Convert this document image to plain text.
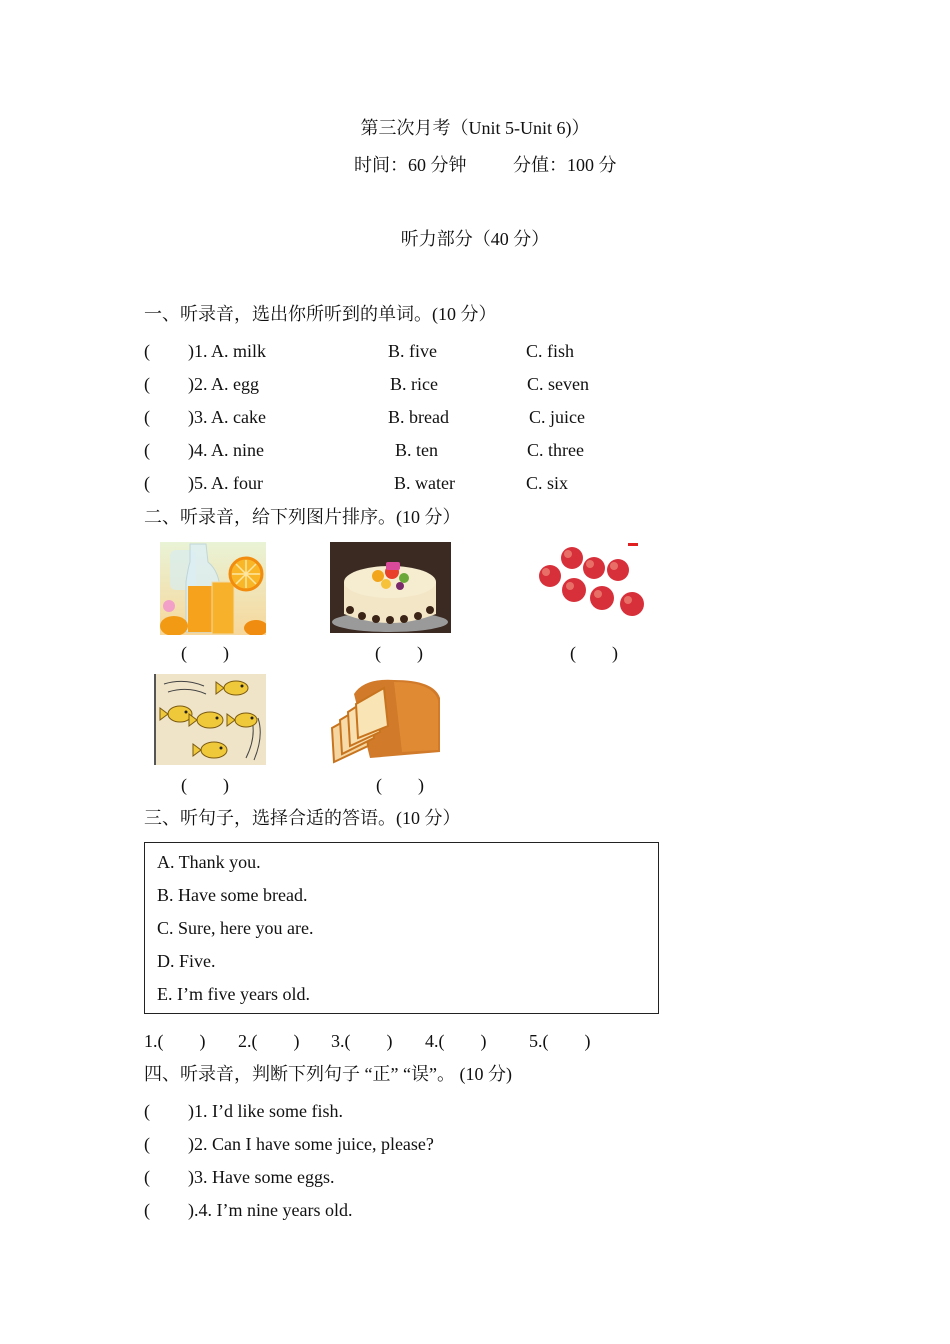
第三次月考（Unit 5-Unit 6)）
时间：60 分钟	分值：100 分
听力部分（40 分）
一、听录音，选出你所听到的单词。(10 分）
( )1. A. milk	B. five	C. fish
( )2. A. egg	B. rice	C. seven
( )3. A. cake	B. bread	C. juice
( )4. A. nine	B. ten	C. three
( )5. A. four	B. water	C. six
二、听录音，给下列图片排序。(10 分）
(　　)	(　　)	(　　)
(　　)	(　　)
三、听句子，选择合适的答语。(10 分）
A. Thank you.
B. Have some bread.
C. Sure, here you are.
D. Five.
E. I’m five years old.
1.(　　) 2.(　　) 3.(　　) 4.(　　) 5.(　　)
四、听录音，判断下列句子 “正” “误”。 (10 分)
( )1. I’d like some fish.
( )2. Can I have some juice, please?
( )3. Have some eggs.
( ).4. I’m nine years old.
